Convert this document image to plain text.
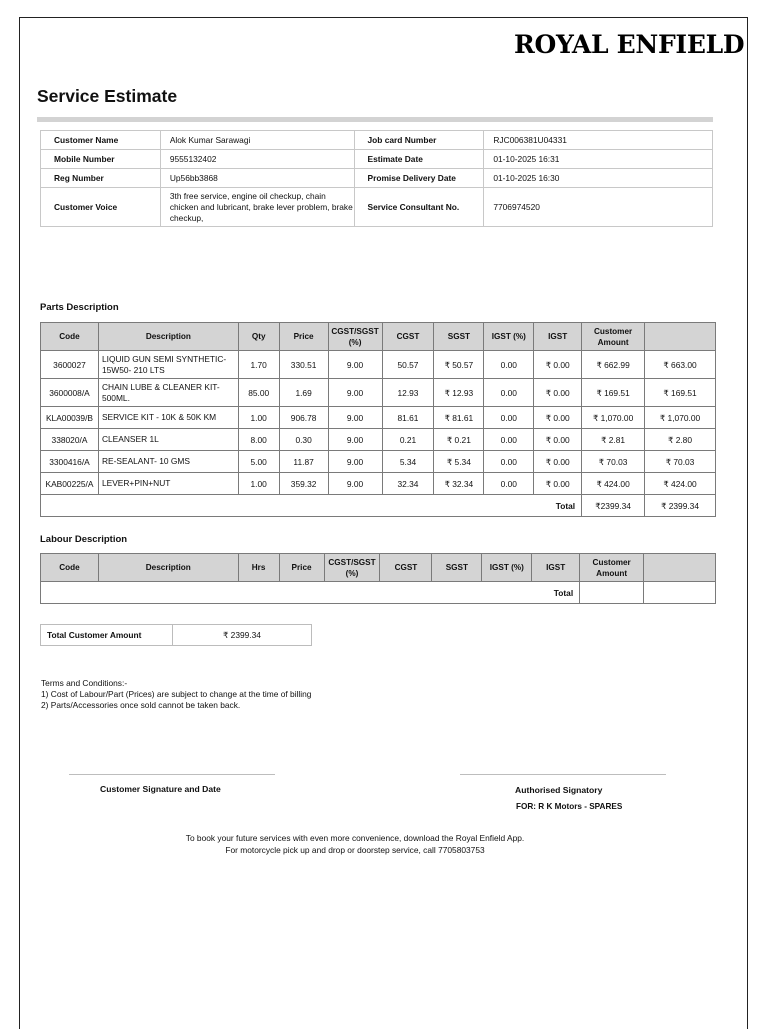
ROYAL ENFIELD
Service Estimate
Customer Name	Alok Kumar Sarawagi	Job card Number	RJC006381U04331
Mobile Number	9555132402	Estimate Date	01-10-2025 16:31
Reg Number	Up56bb3868	Promise Delivery Date	01-10-2025 16:30
Customer Voice	3th free service, engine oil checkup, chain chicken and lubricant, brake lever problem, brake checkup,	Service Consultant No.	7706974520
Parts Description
Code	Description	Qty	Price	CGST/SGST (%)	CGST	SGST	IGST (%)	IGST	Customer Amount	
3600027	LIQUID GUN SEMI SYNTHETIC-15W50- 210 LTS	1.70	330.51	9.00	50.57	₹ 50.57	0.00	₹ 0.00	₹ 662.99	₹ 663.00
3600008/A	CHAIN LUBE & CLEANER KIT-500ML.	85.00	1.69	9.00	12.93	₹ 12.93	0.00	₹ 0.00	₹ 169.51	₹ 169.51
KLA00039/B	SERVICE KIT - 10K & 50K KM	1.00	906.78	9.00	81.61	₹ 81.61	0.00	₹ 0.00	₹ 1,070.00	₹ 1,070.00
338020/A	CLEANSER 1L	8.00	0.30	9.00	0.21	₹ 0.21	0.00	₹ 0.00	₹ 2.81	₹ 2.80
3300416/A	RE-SEALANT- 10 GMS	5.00	11.87	9.00	5.34	₹ 5.34	0.00	₹ 0.00	₹ 70.03	₹ 70.03
KAB00225/A	LEVER+PIN+NUT	1.00	359.32	9.00	32.34	₹ 32.34	0.00	₹ 0.00	₹ 424.00	₹ 424.00
Total									₹2399.34	₹ 2399.34
Labour Description
Code	Description	Hrs	Price	CGST/SGST (%)	CGST	SGST	IGST (%)	IGST	Customer Amount	
Total										
Total Customer Amount	₹ 2399.34
Terms and Conditions:-
1) Cost of Labour/Part (Prices) are subject to change at the time of billing
2) Parts/Accessories once sold cannot be taken back.
Customer Signature and Date	Authorised Signatory
FOR: R K Motors - SPARES
To book your future services with even more convenience, download the Royal Enfield App.
For motorcycle pick up and drop or doorstep service, call 7705803753
